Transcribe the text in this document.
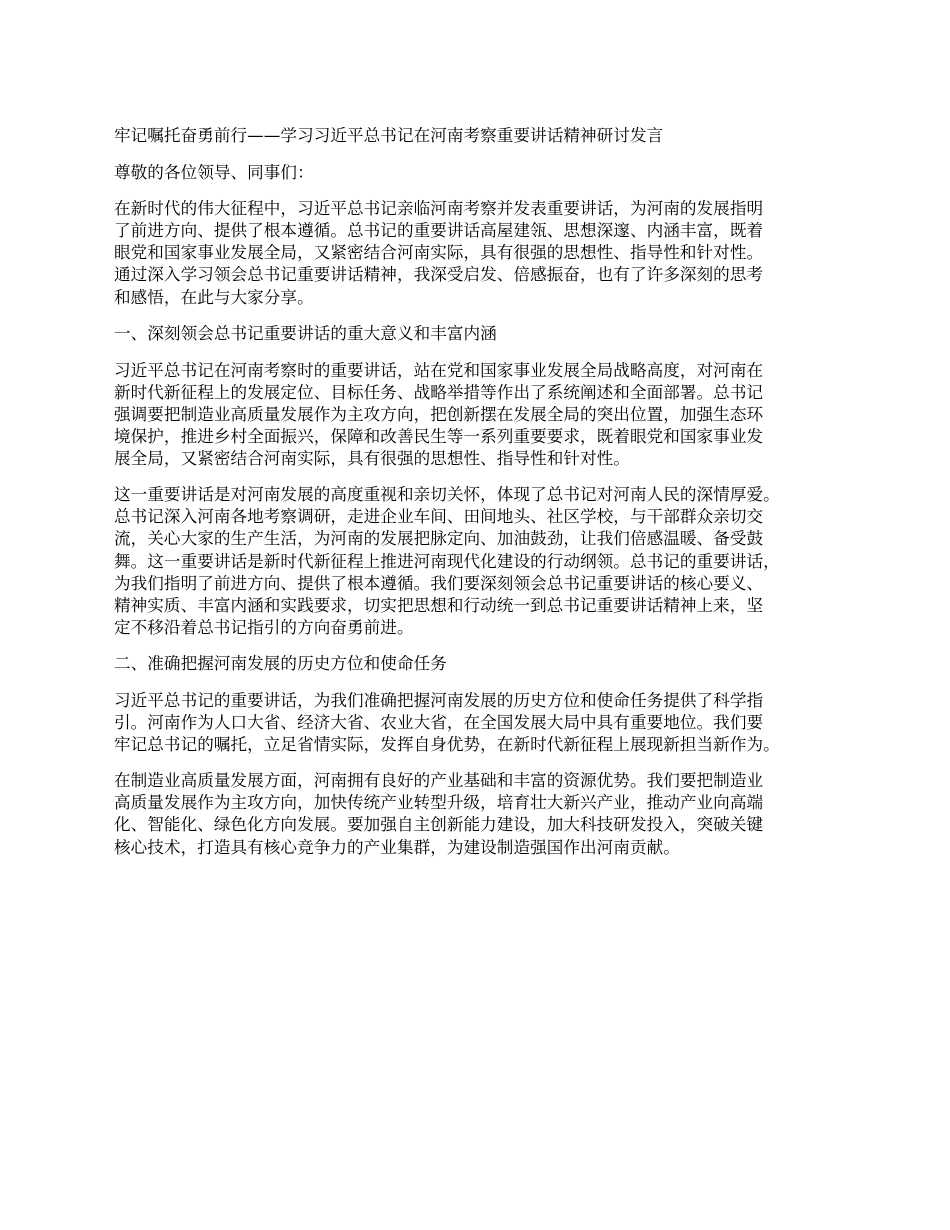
牢记嘱托奋勇前行——学习习近平总书记在河南考察重要讲话精神研讨发言

尊敬的各位领导、同事们：

在新时代的伟大征程中，习近平总书记亲临河南考察并发表重要讲话，为河南的发展指明
了前进方向、提供了根本遵循。总书记的重要讲话高屋建瓴、思想深邃、内涵丰富，既着
眼党和国家事业发展全局，又紧密结合河南实际，具有很强的思想性、指导性和针对性。
通过深入学习领会总书记重要讲话精神，我深受启发、倍感振奋，也有了许多深刻的思考
和感悟，在此与大家分享。

一、深刻领会总书记重要讲话的重大意义和丰富内涵

习近平总书记在河南考察时的重要讲话，站在党和国家事业发展全局战略高度，对河南在
新时代新征程上的发展定位、目标任务、战略举措等作出了系统阐述和全面部署。总书记
强调要把制造业高质量发展作为主攻方向，把创新摆在发展全局的突出位置，加强生态环
境保护，推进乡村全面振兴，保障和改善民生等一系列重要要求，既着眼党和国家事业发
展全局，又紧密结合河南实际，具有很强的思想性、指导性和针对性。

这一重要讲话是对河南发展的高度重视和亲切关怀，体现了总书记对河南人民的深情厚爱。
总书记深入河南各地考察调研，走进企业车间、田间地头、社区学校，与干部群众亲切交
流，关心大家的生产生活，为河南的发展把脉定向、加油鼓劲，让我们倍感温暖、备受鼓
舞。这一重要讲话是新时代新征程上推进河南现代化建设的行动纲领。总书记的重要讲话，
为我们指明了前进方向、提供了根本遵循。我们要深刻领会总书记重要讲话的核心要义、
精神实质、丰富内涵和实践要求，切实把思想和行动统一到总书记重要讲话精神上来，坚
定不移沿着总书记指引的方向奋勇前进。

二、准确把握河南发展的历史方位和使命任务

习近平总书记的重要讲话，为我们准确把握河南发展的历史方位和使命任务提供了科学指
引。河南作为人口大省、经济大省、农业大省，在全国发展大局中具有重要地位。我们要
牢记总书记的嘱托，立足省情实际，发挥自身优势，在新时代新征程上展现新担当新作为。

在制造业高质量发展方面，河南拥有良好的产业基础和丰富的资源优势。我们要把制造业
高质量发展作为主攻方向，加快传统产业转型升级，培育壮大新兴产业，推动产业向高端
化、智能化、绿色化方向发展。要加强自主创新能力建设，加大科技研发投入，突破关键
核心技术，打造具有核心竞争力的产业集群，为建设制造强国作出河南贡献。
